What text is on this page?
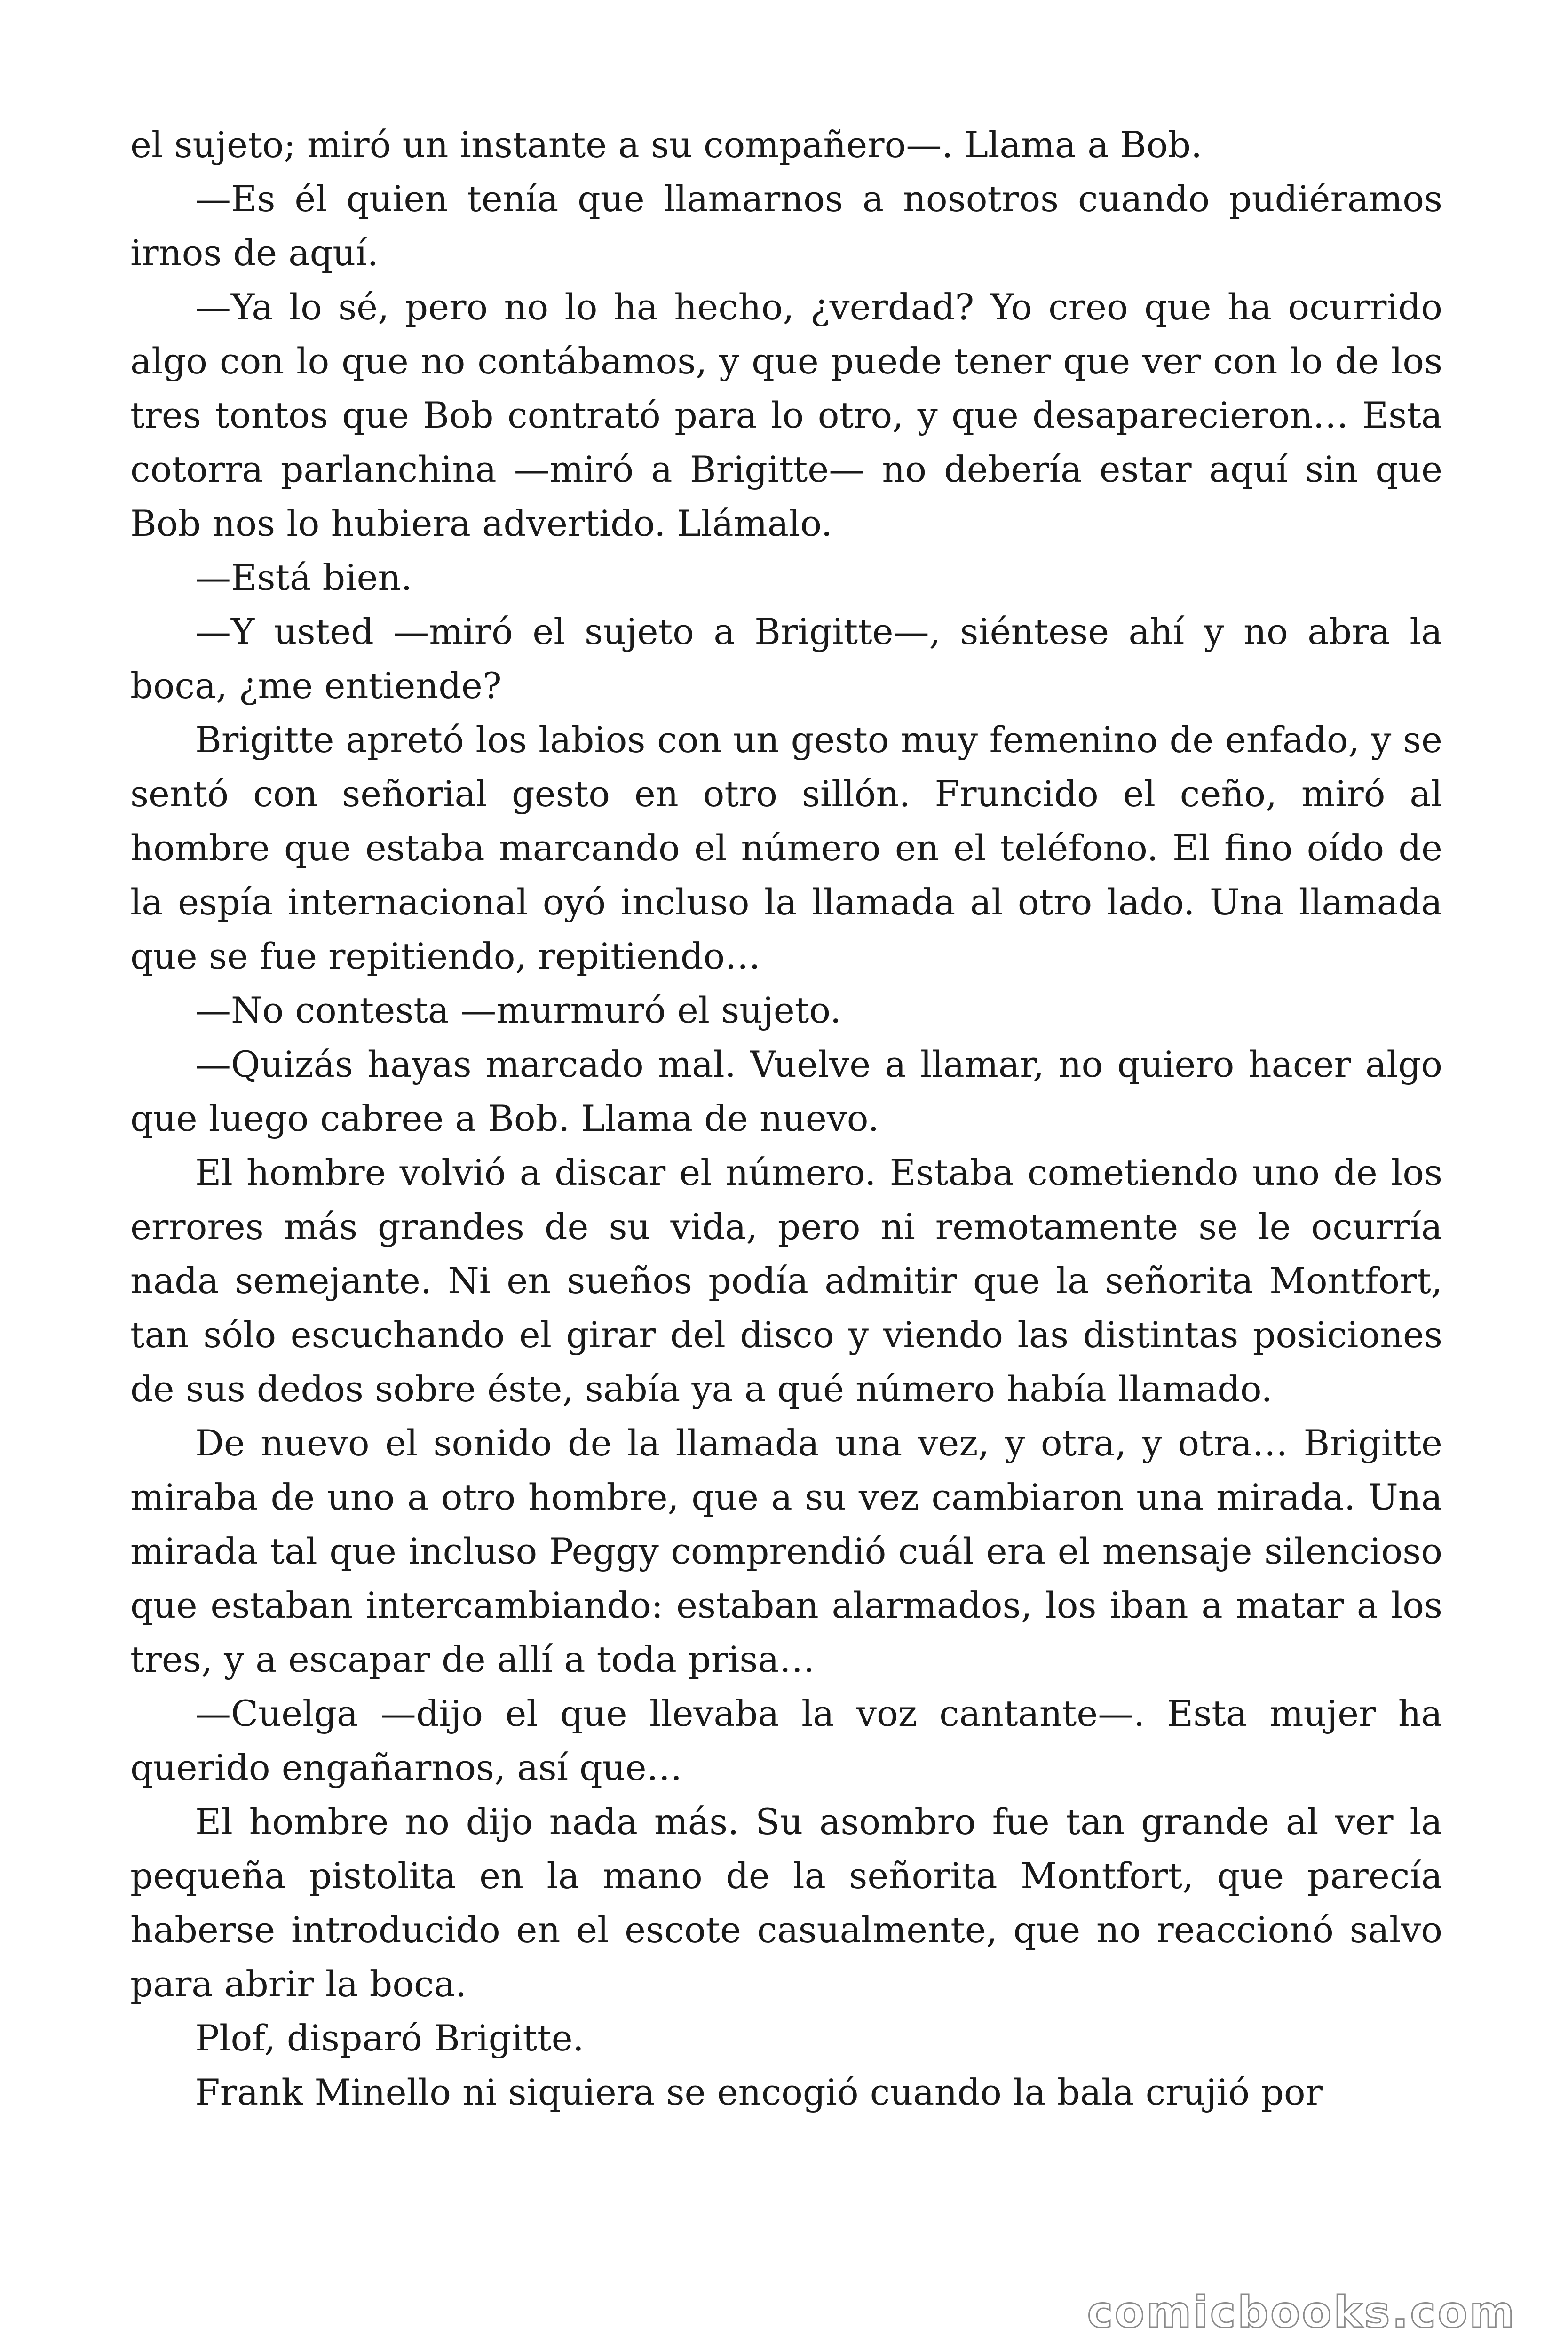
el sujeto; miró un instante a su compañero—. Llama a Bob.

—Es él quien tenía que llamarnos a nosotros cuando pudiéramos irnos de aquí.

—Ya lo sé, pero no lo ha hecho, ¿verdad? Yo creo que ha ocurrido algo con lo que no contábamos, y que puede tener que ver con lo de los tres tontos que Bob contrató para lo otro, y que desaparecieron… Esta cotorra parlanchina —miró a Brigitte— no debería estar aquí sin que Bob nos lo hubiera advertido. Llámalo.

—Está bien.

—Y usted —miró el sujeto a Brigitte—, siéntese ahí y no abra la boca, ¿me entiende?

Brigitte apretó los labios con un gesto muy femenino de enfado, y se sentó con señorial gesto en otro sillón. Fruncido el ceño, miró al hombre que estaba marcando el número en el teléfono. El fino oído de la espía internacional oyó incluso la llamada al otro lado. Una llamada que se fue repitiendo, repitiendo…

—No contesta —murmuró el sujeto.

—Quizás hayas marcado mal. Vuelve a llamar, no quiero hacer algo que luego cabree a Bob. Llama de nuevo.

El hombre volvió a discar el número. Estaba cometiendo uno de los errores más grandes de su vida, pero ni remotamente se le ocurría nada semejante. Ni en sueños podía admitir que la señorita Montfort, tan sólo escuchando el girar del disco y viendo las distintas posiciones de sus dedos sobre éste, sabía ya a qué número había llamado.

De nuevo el sonido de la llamada una vez, y otra, y otra… Brigitte miraba de uno a otro hombre, que a su vez cambiaron una mirada. Una mirada tal que incluso Peggy comprendió cuál era el mensaje silencioso que estaban intercambiando: estaban alarmados, los iban a matar a los tres, y a escapar de allí a toda prisa…

—Cuelga —dijo el que llevaba la voz cantante—. Esta mujer ha querido engañarnos, así que…

El hombre no dijo nada más. Su asombro fue tan grande al ver la pequeña pistolita en la mano de la señorita Montfort, que parecía haberse introducido en el escote casualmente, que no reaccionó salvo para abrir la boca.

Plof, disparó Brigitte.

Frank Minello ni siquiera se encogió cuando la bala crujió por

comicbooks.com
